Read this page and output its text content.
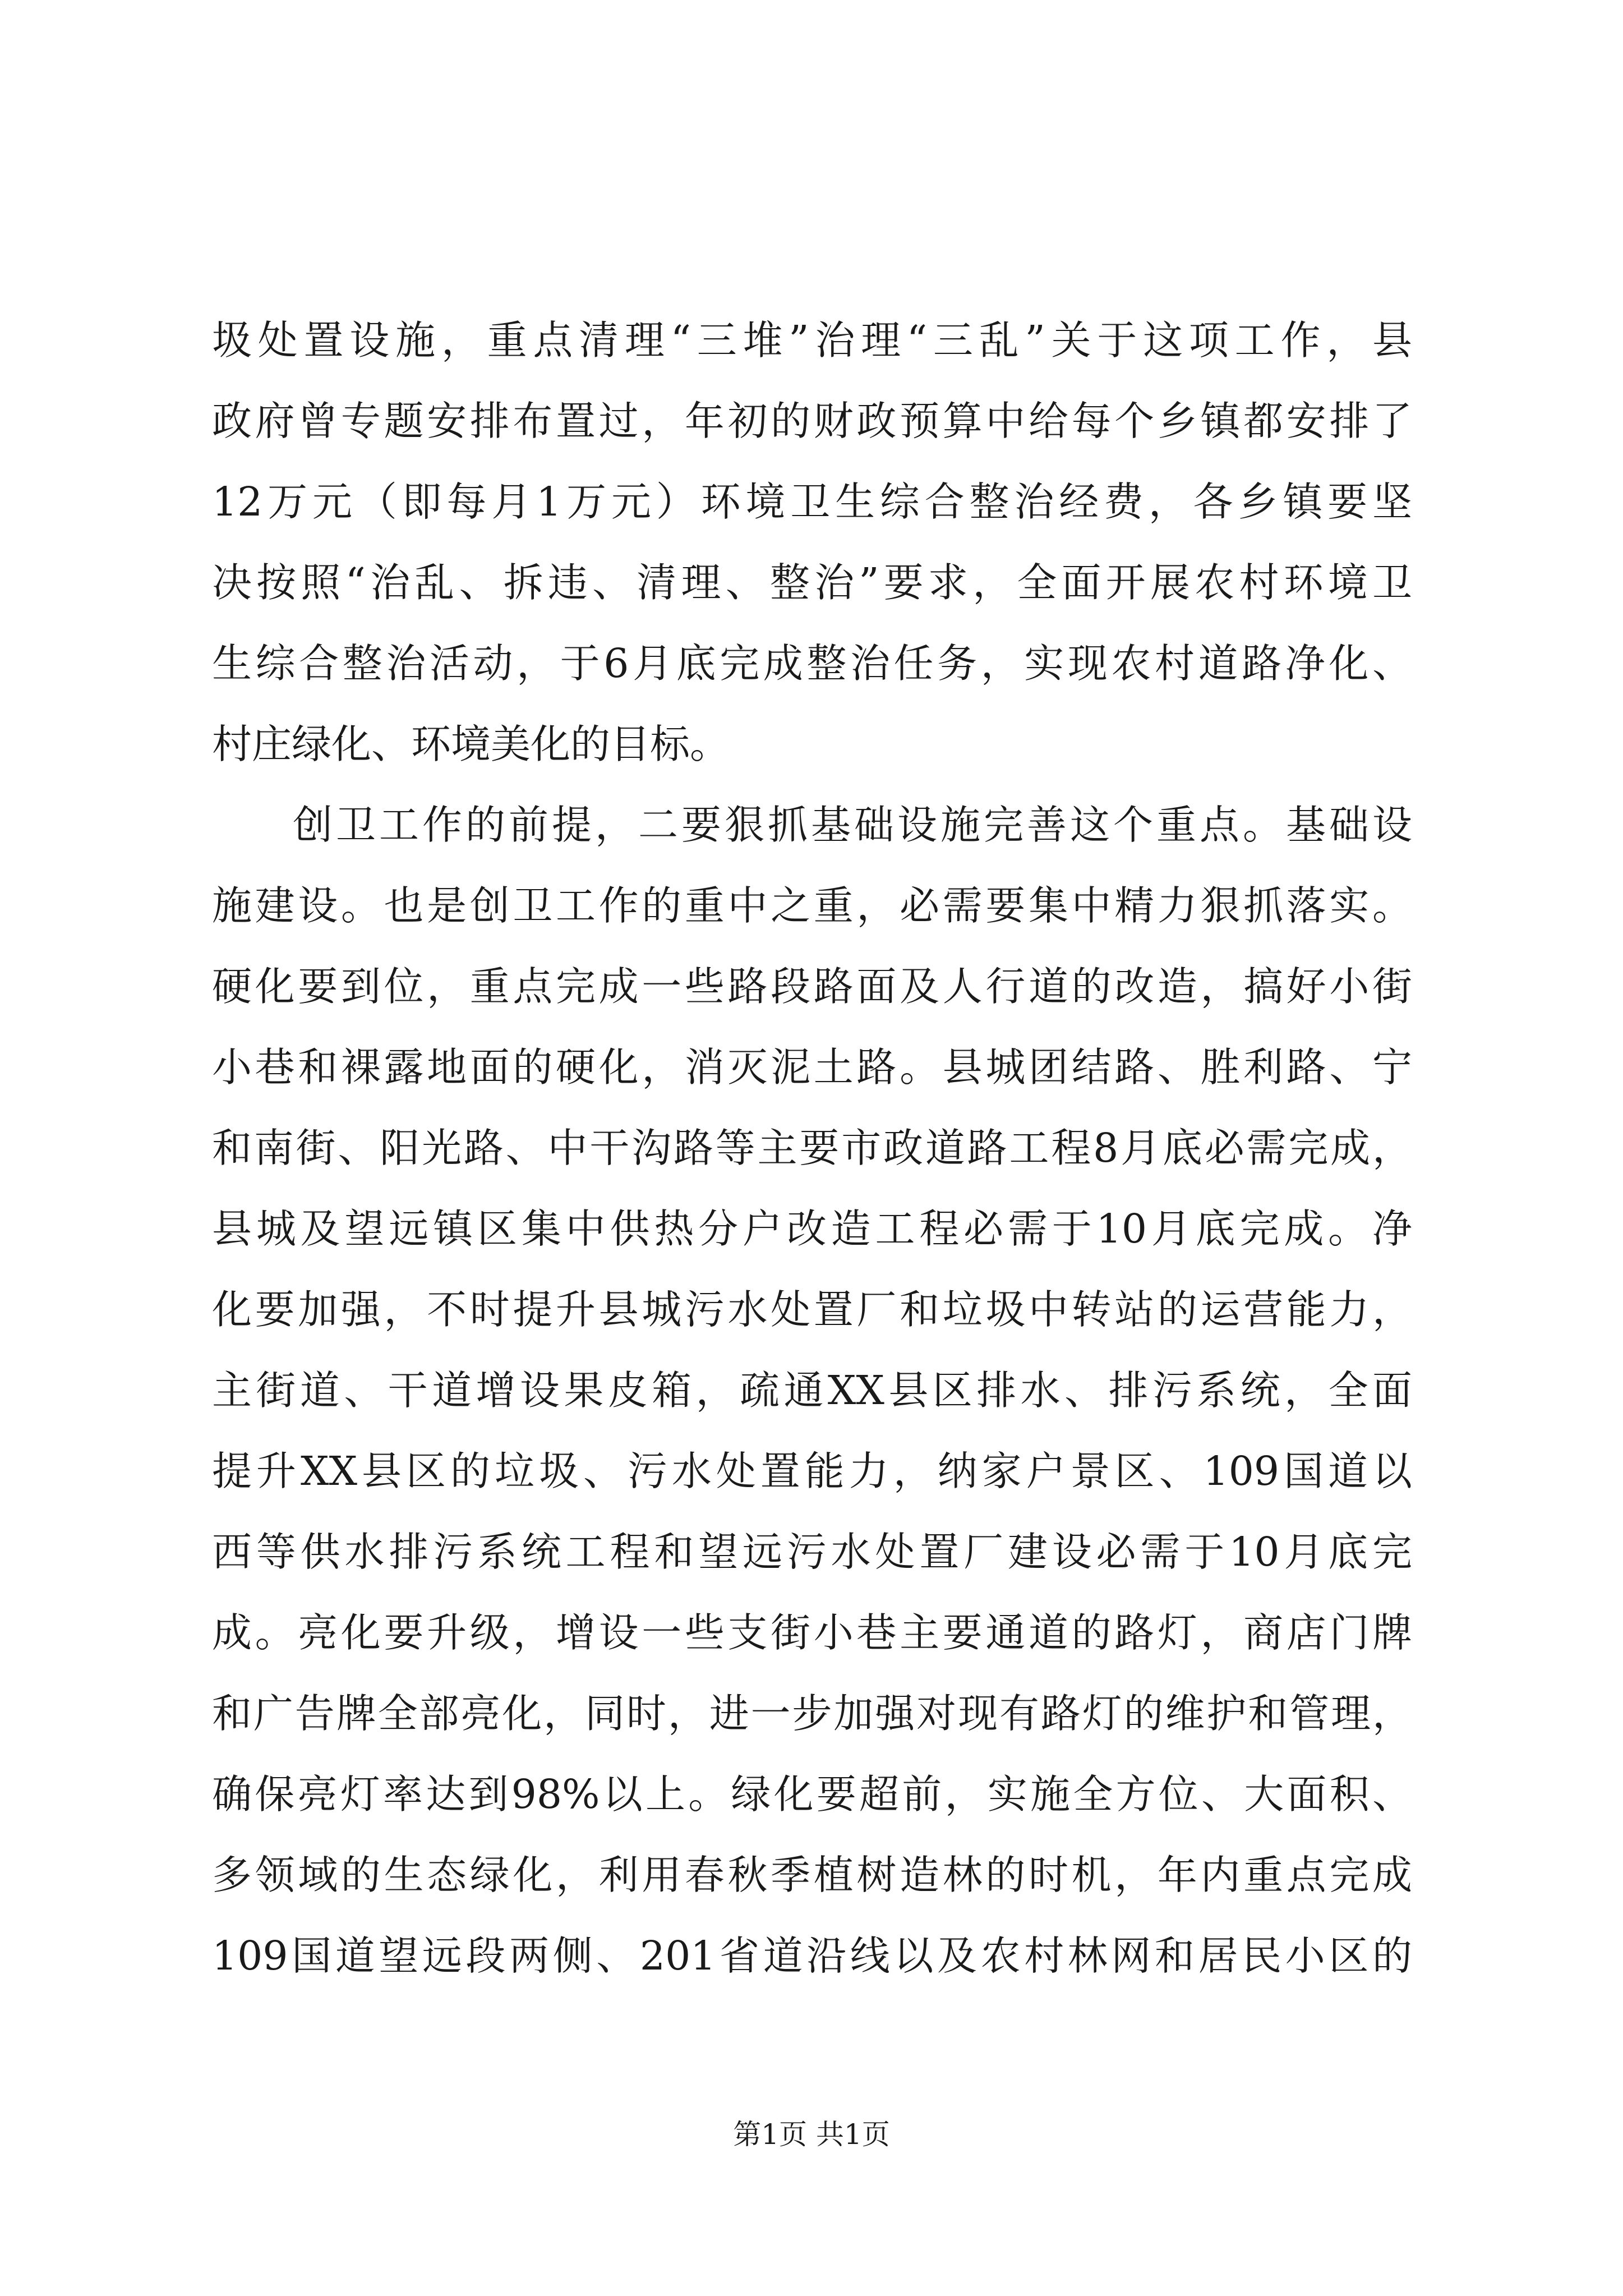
圾处置设施，重点清理“三堆”治理“三乱”关于这项工作，县
政府曾专题安排布置过，年初的财政预算中给每个乡镇都安排了
12万元（即每月1万元）环境卫生综合整治经费，各乡镇要坚
决按照“治乱、拆违、清理、整治”要求，全面开展农村环境卫
生综合整治活动，于6月底完成整治任务，实现农村道路净化、
村庄绿化、环境美化的目标。
创卫工作的前提，二要狠抓基础设施完善这个重点。基础设
施建设。也是创卫工作的重中之重，必需要集中精力狠抓落实。
硬化要到位，重点完成一些路段路面及人行道的改造，搞好小街
小巷和裸露地面的硬化，消灭泥土路。县城团结路、胜利路、宁
和南街、阳光路、中干沟路等主要市政道路工程8月底必需完成，
县城及望远镇区集中供热分户改造工程必需于10月底完成。净
化要加强，不时提升县城污水处置厂和垃圾中转站的运营能力，
主街道、干道增设果皮箱，疏通XX县区排水、排污系统，全面
提升XX县区的垃圾、污水处置能力，纳家户景区、109国道以
西等供水排污系统工程和望远污水处置厂建设必需于10月底完
成。亮化要升级，增设一些支街小巷主要通道的路灯，商店门牌
和广告牌全部亮化，同时，进一步加强对现有路灯的维护和管理，
确保亮灯率达到98%以上。绿化要超前，实施全方位、大面积、
多领域的生态绿化，利用春秋季植树造林的时机，年内重点完成
109国道望远段两侧、201省道沿线以及农村林网和居民小区的
第1页 共1页
